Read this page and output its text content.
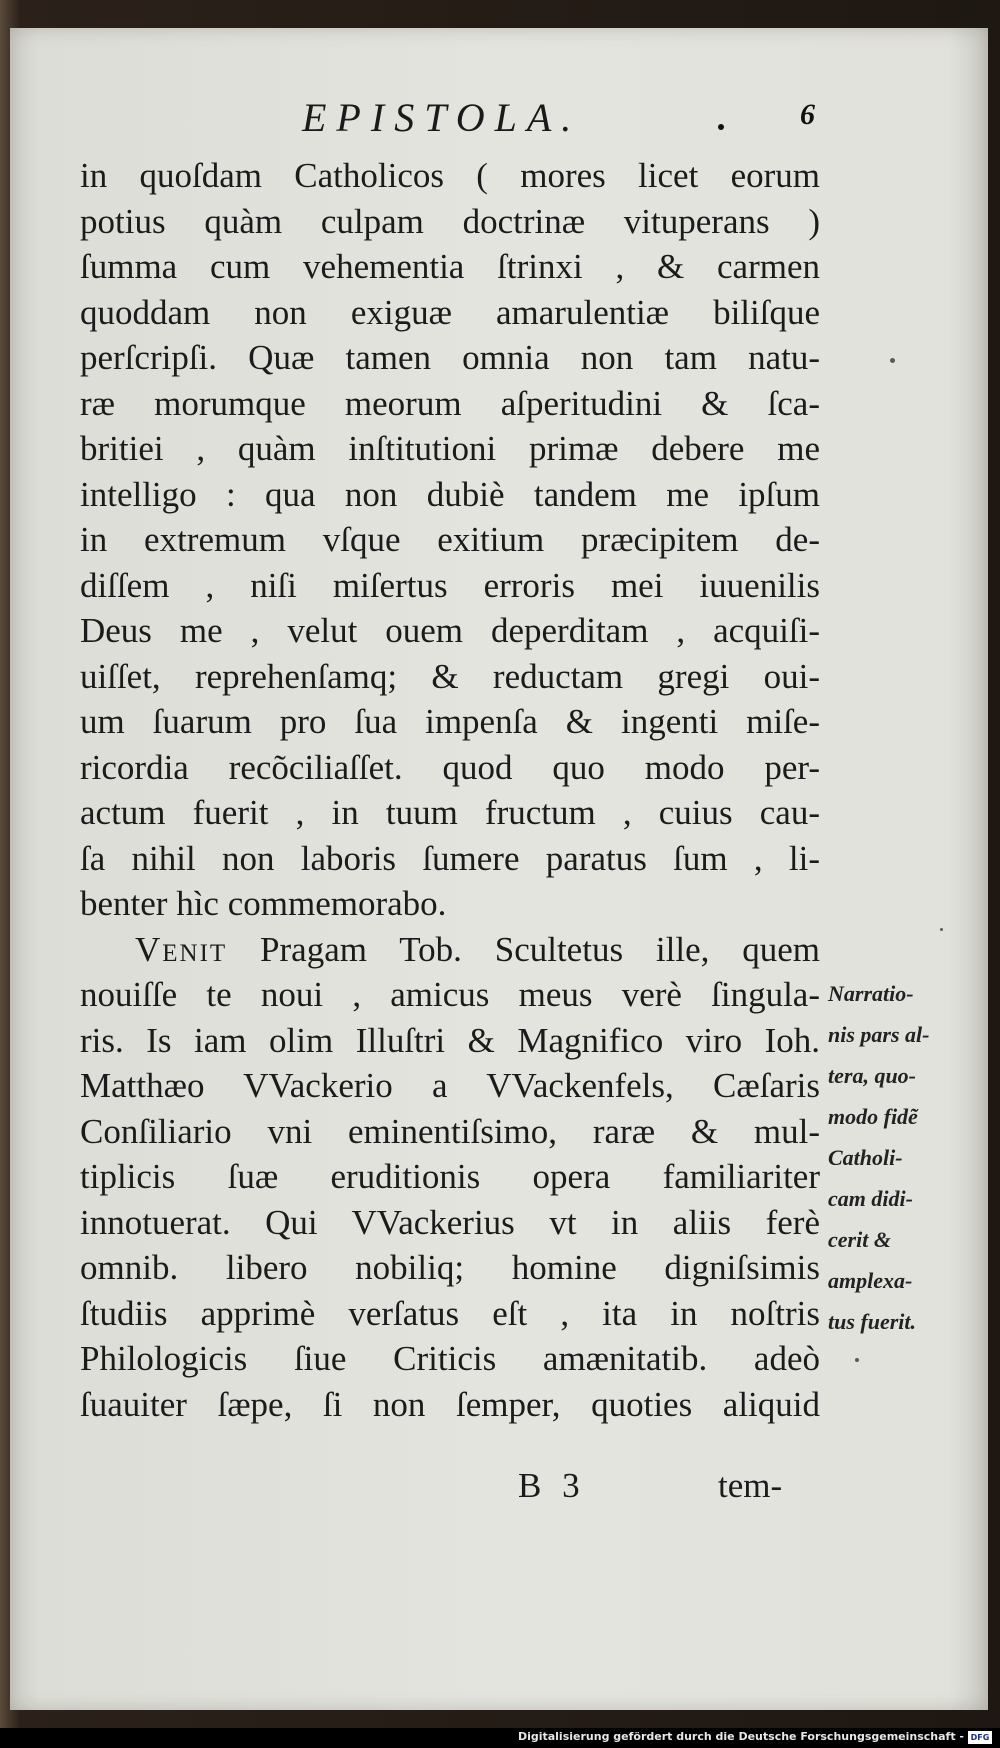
EPISTOLA.	6
in quoſdam Catholicos ( mores licet eorum
potius quàm culpam doctrinæ vituperans )
ſumma cum vehementia ſtrinxi , & carmen
quoddam non exiguæ amarulentiæ biliſque
perſcripſi. Quæ tamen omnia non tam natu-
ræ morumque meorum aſperitudini & ſca-
britiei , quàm inſtitutioni primæ debere me
intelligo : qua non dubiè tandem me ipſum
in extremum vſque exitium præcipitem de-
diſſem , niſi miſertus erroris mei iuuenilis
Deus me , velut ouem deperditam , acquiſi-
uiſſet, reprehenſamq; & reductam gregi oui-
um ſuarum pro ſua impenſa & ingenti miſe-
ricordia recõciliaſſet. quod quo modo per-
actum fuerit , in tuum fructum , cuius cau-
ſa nihil non laboris ſumere paratus ſum , li-
benter hìc commemorabo.
Venit Pragam Tob. Scultetus ille, quem
nouiſſe te noui , amicus meus verè ſingula-
ris. Is iam olim Illuſtri & Magnifico viro Ioh.
Matthæo VVackerio a VVackenfels, Cæſaris
Conſiliario vni eminentiſsimo, raræ & mul-
tiplicis ſuæ eruditionis opera familiariter
innotuerat. Qui VVackerius vt in aliis ferè
omnib. libero nobiliq; homine digniſsimis
ſtudiis apprimè verſatus eſt , ita in noſtris
Philologicis ſiue Criticis amænitatib. adeò
ſuauiter ſæpe, ſi non ſemper, quoties aliquid
Narratio-
nis pars al-
tera, quo-
modo fidẽ
Catholi-
cam didi-
cerit &
amplexa-
tus fuerit.
B 3	tem-
Digitalisierung gefördert durch die Deutsche Forschungsgemeinschaft - DFG
